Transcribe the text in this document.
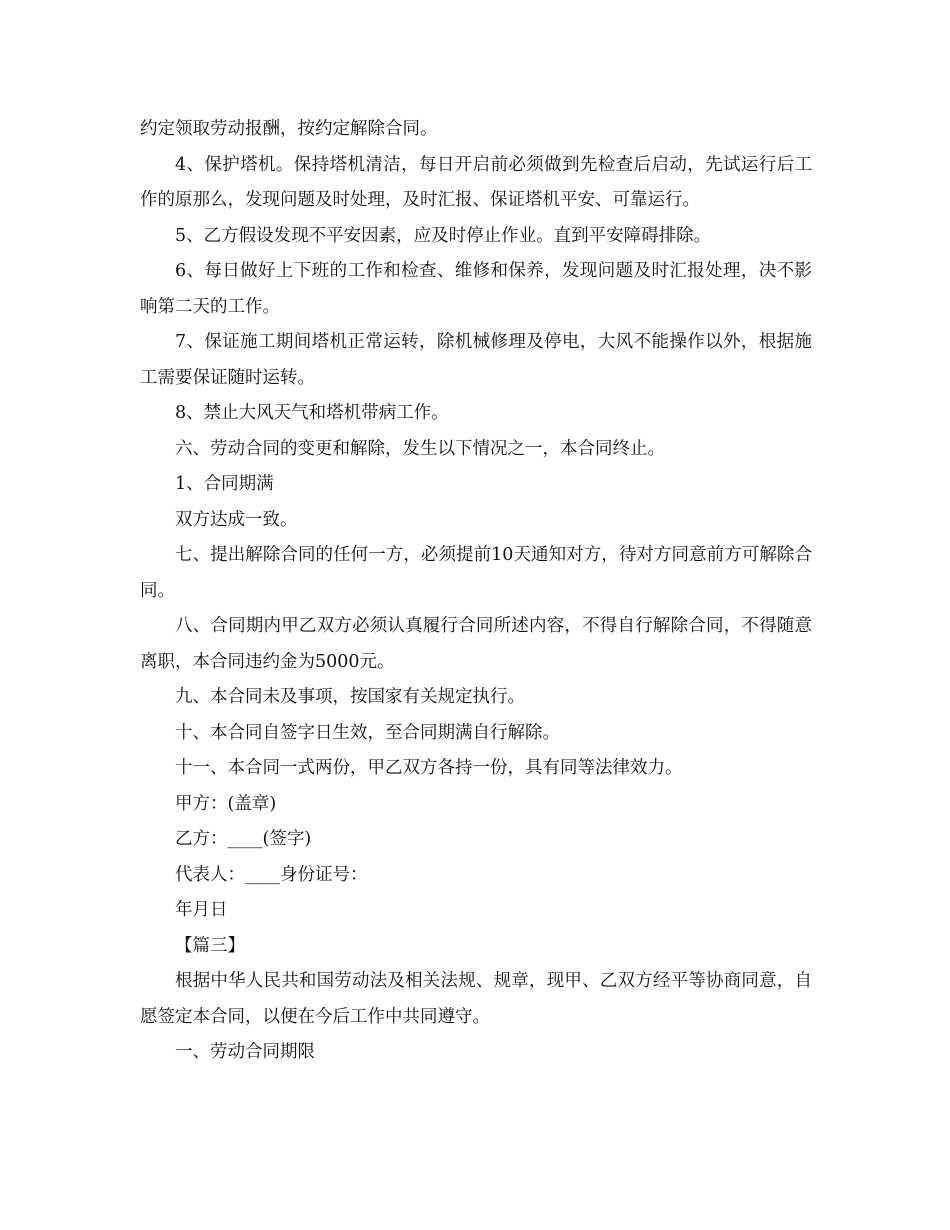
约定领取劳动报酬，按约定解除合同。

4、保护塔机。保持塔机清洁，每日开启前必须做到先检查后启动，先试运行后工作的原那么，发现问题及时处理，及时汇报、保证塔机平安、可靠运行。

5、乙方假设发现不平安因素，应及时停止作业。直到平安障碍排除。

6、每日做好上下班的工作和检查、维修和保养，发现问题及时汇报处理，决不影响第二天的工作。

7、保证施工期间塔机正常运转，除机械修理及停电，大风不能操作以外，根据施工需要保证随时运转。

8、禁止大风天气和塔机带病工作。

六、劳动合同的变更和解除，发生以下情况之一，本合同终止。

1、合同期满

双方达成一致。

七、提出解除合同的任何一方，必须提前10天通知对方，待对方同意前方可解除合同。

八、合同期内甲乙双方必须认真履行合同所述内容，不得自行解除合同，不得随意离职，本合同违约金为5000元。

九、本合同未及事项，按国家有关规定执行。

十、本合同自签字日生效，至合同期满自行解除。

十一、本合同一式两份，甲乙双方各持一份，具有同等法律效力。

甲方：(盖章)

乙方：____(签字)

代表人：____身份证号：

年月日

【篇三】

根据中华人民共和国劳动法及相关法规、规章，现甲、乙双方经平等协商同意，自愿签定本合同，以便在今后工作中共同遵守。

一、劳动合同期限
